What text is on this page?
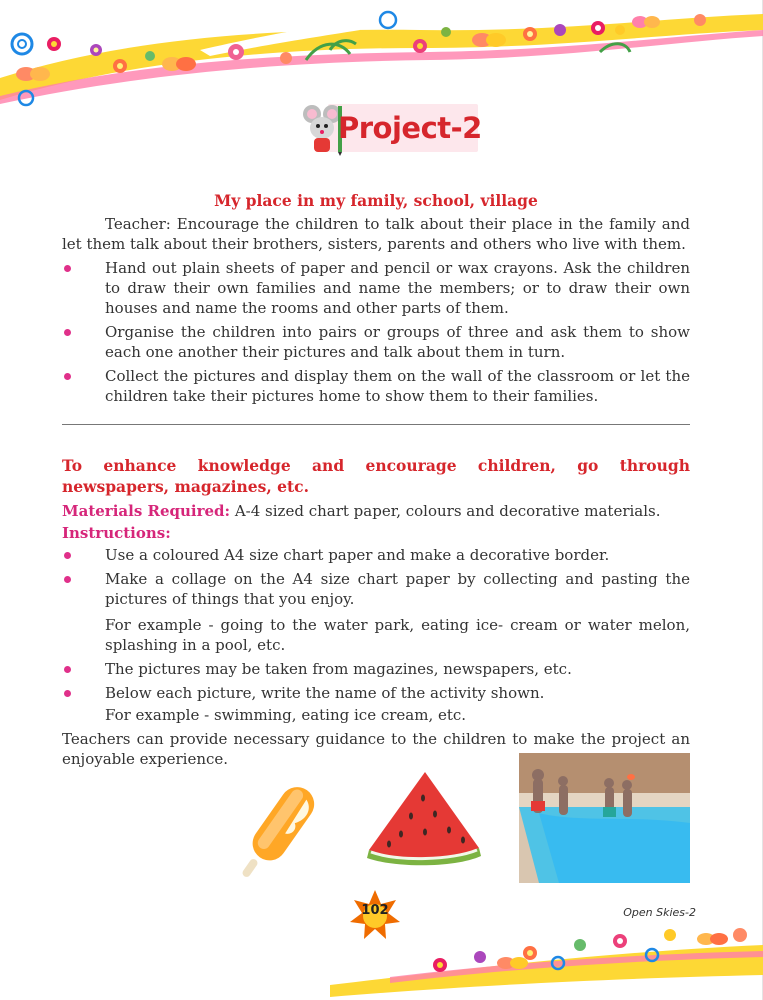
Project-2
My place in my family, school, village

Teacher: Encourage the children to talk about their place in the family and let them talk about their brothers, sisters, parents and others who live with them.

Hand out plain sheets of paper and pencil or wax crayons. Ask the children to draw their own families and name the members; or to draw their own houses and name the rooms and other parts of them.
Organise the children into pairs or groups of three and ask them to show each one another their pictures and talk about them in turn.
Collect the pictures and display them on the wall of the classroom or let the children take their pictures home to show them to their families.

To enhance knowledge and encourage children, go through newspapers, magazines, etc.

Materials Required: A-4 sized chart paper, colours and decorative materials.

Instructions:

Use a coloured A4 size chart paper and make a decorative border.
Make a collage on the A4 size chart paper by collecting and pasting the pictures of things that you enjoy.

For example - going to the water park, eating ice- cream or water melon, splashing in a pool, etc.

The pictures may be taken from magazines, newspapers, etc.
Below each picture, write the name of the activity shown.

For example - swimming, eating ice cream, etc.

Teachers can provide necessary guidance to the children to make the project an enjoyable experience.

102	Open Skies-2
